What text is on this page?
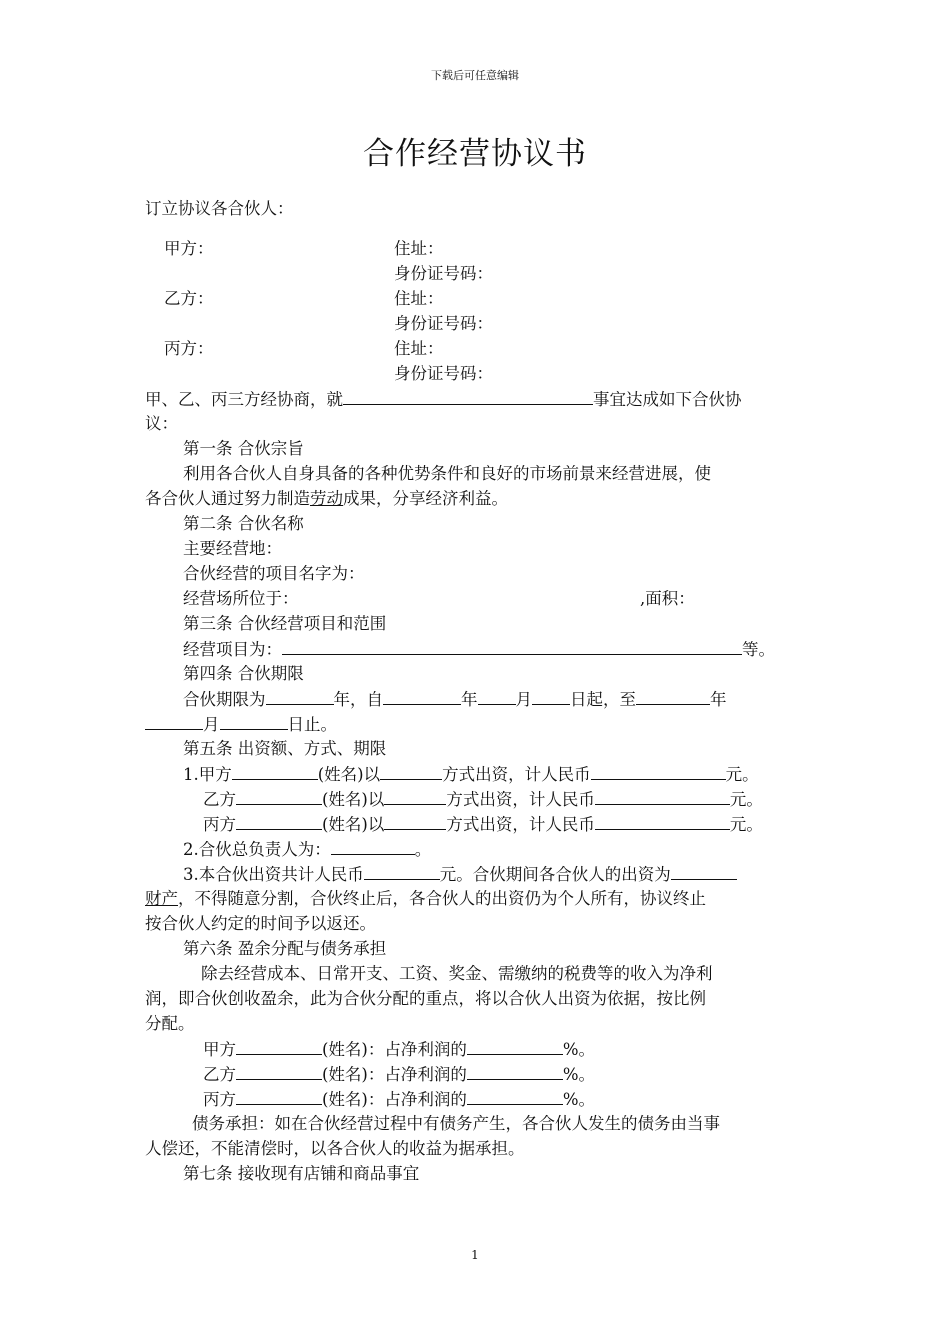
下载后可任意编辑
合作经营协议书
订立协议各合伙人：
甲方：	住址：
身份证号码：
乙方：	住址：
身份证号码：
丙方：	住址：
身份证号码：
甲、乙、丙三方经协商，就	事宜达成如下合伙协
议：
第一条 合伙宗旨
利用各合伙人自身具备的各种优势条件和良好的市场前景来经营进展，使
各合伙人通过努力制造劳动成果，分享经济利益。
第二条 合伙名称
主要经营地：
合伙经营的项目名字为：
经营场所位于：	,面积：
第三条 合伙经营项目和范围
经营项目为：	等。
第四条 合伙期限
合伙期限为	年，自	年 月 日起，至	年
月	日止。
第五条 出资额、方式、期限
1.甲方	(姓名)以	方式出资，计人民币	元。
乙方	(姓名)以	方式出资，计人民币	元。
丙方	(姓名)以	方式出资，计人民币	元。
2.合伙总负责人为：	。
3.本合伙出资共计人民币	元。合伙期间各合伙人的出资为
财产，不得随意分割，合伙终止后，各合伙人的出资仍为个人所有，协议终止
按合伙人约定的时间予以返还。
第六条 盈余分配与债务承担
除去经营成本、日常开支、工资、奖金、需缴纳的税费等的收入为净利
润，即合伙创收盈余，此为合伙分配的重点，将以合伙人出资为依据，按比例
分配。
甲方	(姓名)：占净利润的	%。
乙方	(姓名)：占净利润的	%。
丙方	(姓名)：占净利润的	%。
债务承担：如在合伙经营过程中有债务产生，各合伙人发生的债务由当事
人偿还，不能清偿时，以各合伙人的收益为据承担。
第七条 接收现有店铺和商品事宜
1
